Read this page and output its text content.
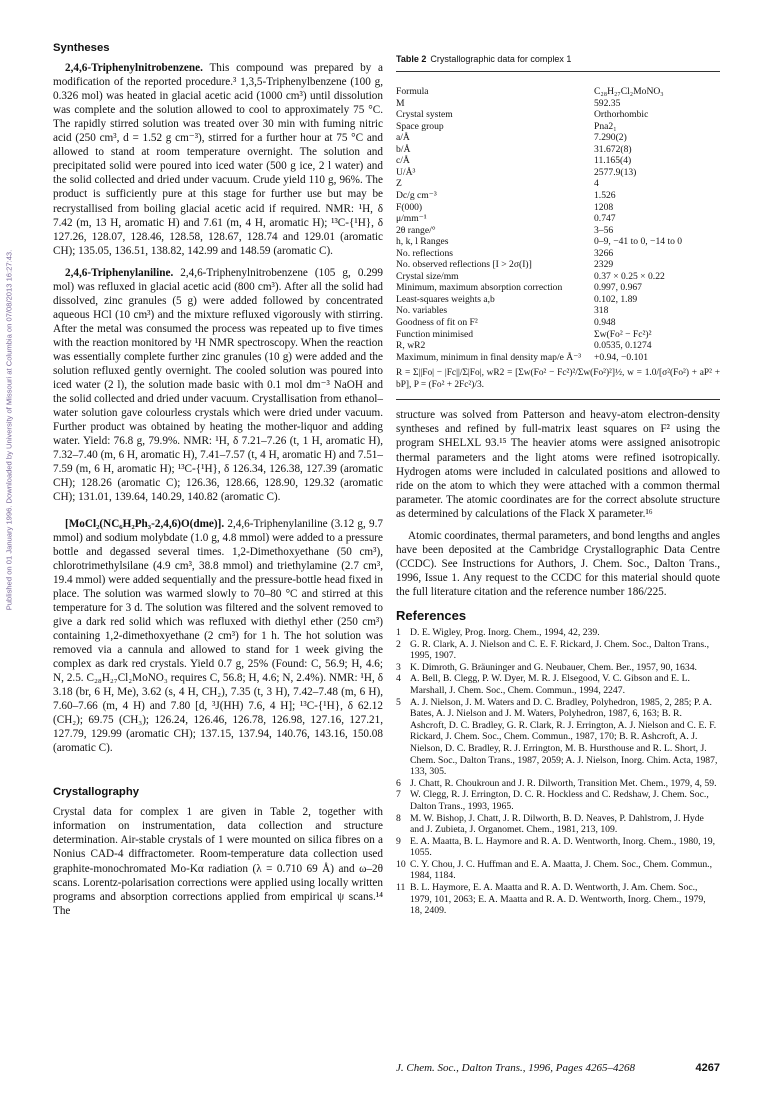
Published on 01 January 1996. Downloaded by University of Missouri at Columbia on 07/08/2013 16:27:43.
Syntheses

2,4,6-Triphenylnitrobenzene. This compound was prepared by a modification of the reported procedure.³ 1,3,5-Triphenylbenzene (100 g, 0.326 mol) was heated in glacial acetic acid (1000 cm³) until dissolution was complete and the solution allowed to cool to approximately 75 °C. The rapidly stirred solution was treated over 30 min with fuming nitric acid (250 cm³, d = 1.52 g cm⁻³), stirred for a further hour at 75 °C and allowed to stand at room temperature overnight. The solution and precipitated solid were poured into iced water (500 g ice, 2 l water) and the solid collected and dried under vacuum. Crude yield 110 g, 96%. The product is sufficiently pure at this stage for further use but may be recrystallised from boiling glacial acetic acid if required. NMR: ¹H, δ 7.42 (m, 13 H, aromatic H) and 7.61 (m, 4 H, aromatic H); ¹³C-{¹H}, δ 127.26, 128.07, 128.46, 128.58, 128.67, 128.74 and 129.01 (aromatic CH); 135.05, 136.51, 138.82, 142.99 and 148.59 (aromatic C).

2,4,6-Triphenylaniline. 2,4,6-Triphenylnitrobenzene (105 g, 0.299 mol) was refluxed in glacial acetic acid (800 cm³). After all the solid had dissolved, zinc granules (5 g) were added followed by concentrated aqueous HCl (10 cm³) and the mixture refluxed vigorously with stirring. After the metal was consumed the process was repeated up to five times with the reaction monitored by ¹H NMR spectroscopy. When the reaction was essentially complete further zinc granules (10 g) were added and the solution refluxed gently overnight. The cooled solution was poured into iced water (2 l), the solution made basic with 0.1 mol dm⁻³ NaOH and the solid collected and dried under vacuum. Crystallisation from ethanol–water solution gave colourless crystals which were dried under vacuum. Further product was obtained by heating the mother-liquor and adding water. Yield: 76.8 g, 79.9%. NMR: ¹H, δ 7.21–7.26 (t, 1 H, aromatic H), 7.32–7.40 (m, 6 H, aromatic H), 7.41–7.57 (t, 4 H, aromatic H) and 7.51–7.59 (m, 6 H, aromatic H); ¹³C-{¹H}, δ 126.34, 126.38, 127.39 (aromatic CH); 128.26 (aromatic C); 126.36, 128.66, 128.90, 129.32 (aromatic CH); 131.01, 139.64, 140.29, 140.82 (aromatic C).

[MoCl₂(NC₆H₂Ph₃-2,4,6)O(dme)]. 2,4,6-Triphenylaniline (3.12 g, 9.7 mmol) and sodium molybdate (1.0 g, 4.8 mmol) were added to a pressure bottle and degassed several times. 1,2-Dimethoxyethane (50 cm³), chlorotrimethylsilane (4.9 cm³, 38.8 mmol) and triethylamine (2.7 cm³, 19.4 mmol) were added sequentially and the pressure-bottle head fixed in place. The solution was warmed slowly to 70–80 °C and stirred at this temperature for 3 d. The solution was filtered and the solvent removed to give a dark red solid which was refluxed with diethyl ether (250 cm³) containing 1,2-dimethoxyethane (2 cm³) for 1 h. The hot solution was removed via a cannula and allowed to stand for 1 week giving the complex as dark red crystals. Yield 0.7 g, 25% (Found: C, 56.9; H, 4.6; N, 2.5. C₂₈H₂₇Cl₂MoNO₃ requires C, 56.8; H, 4.6; N, 2.4%). NMR: ¹H, δ 3.18 (br, 6 H, Me), 3.62 (s, 4 H, CH₂), 7.35 (t, 3 H), 7.42–7.48 (m, 6 H), 7.60–7.66 (m, 4 H) and 7.80 [d, ³J(HH) 7.6, 4 H]; ¹³C-{¹H}, δ 62.12 (CH₂); 69.75 (CH₃); 126.24, 126.46, 126.78, 126.98, 127.16, 127.21, 127.79, 129.99 (aromatic CH); 137.15, 137.94, 140.76, 143.16, 150.08 (aromatic C).

Crystallography

Crystal data for complex 1 are given in Table 2, together with information on instrumentation, data collection and structure determination. Air-stable crystals of 1 were mounted on silica fibres on a Nonius CAD-4 diffractometer. Room-temperature data collection used graphite-monochromated Mo-Kα radiation (λ = 0.710 69 Å) and ω–2θ scans. Lorentz-polarisation corrections were applied using locally written programs and absorption corrections applied from empirical ψ scans.¹⁴ The

Table 2 Crystallographic data for complex 1
Formula	C₂₈H₂₇Cl₂MoNO₃
M	592.35
Crystal system	Orthorhombic
Space group	Pna2₁
a/Å	7.290(2)
b/Å	31.672(8)
c/Å	11.165(4)
U/Å³	2577.9(13)
Z	4
Dc/g cm⁻³	1.526
F(000)	1208
μ/mm⁻¹	0.747
2θ range/°	3–56
h, k, l Ranges	0–9, −41 to 0, −14 to 0
No. reflections	3266
No. observed reflections [I > 2σ(I)]	2329
Crystal size/mm	0.37 × 0.25 × 0.22
Minimum, maximum absorption correction	0.997, 0.967
Least-squares weights a,b	0.102, 1.89
No. variables	318
Goodness of fit on F²	0.948
Function minimised	Σw(Fo² − Fc²)²
R, wR2	0.0535, 0.1274
Maximum, minimum in final density map/e Å⁻³	+0.94, −0.101
R = Σ||Fo| − |Fc||/Σ|Fo|, wR2 = [Σw(Fo² − Fc²)²/Σw(Fo²)²]½, w = 1.0/[σ²(Fo²) + aP² + bP], P = (Fo² + 2Fc²)/3.

structure was solved from Patterson and heavy-atom electron-density syntheses and refined by full-matrix least squares on F² using the program SHELXL 93.¹⁵ The heavier atoms were assigned anisotropic thermal parameters and the light atoms were refined isotropically. Hydrogen atoms were included in calculated positions and allowed to ride on the atom to which they were attached with a common thermal parameter. The atomic coordinates are for the correct absolute structure as determined by calculations of the Flack X parameter.¹⁶

Atomic coordinates, thermal parameters, and bond lengths and angles have been deposited at the Cambridge Crystallographic Data Centre (CCDC). See Instructions for Authors, J. Chem. Soc., Dalton Trans., 1996, Issue 1. Any request to the CCDC for this material should quote the full literature citation and the reference number 186/225.

References
1 D. E. Wigley, Prog. Inorg. Chem., 1994, 42, 239.
2 G. R. Clark, A. J. Nielson and C. E. F. Rickard, J. Chem. Soc., Dalton Trans., 1995, 1907.
3 K. Dimroth, G. Bräuninger and G. Neubauer, Chem. Ber., 1957, 90, 1634.
4 A. Bell, B. Clegg, P. W. Dyer, M. R. J. Elsegood, V. C. Gibson and E. L. Marshall, J. Chem. Soc., Chem. Commun., 1994, 2247.
5 A. J. Nielson, J. M. Waters and D. C. Bradley, Polyhedron, 1985, 2, 285; P. A. Bates, A. J. Nielson and J. M. Waters, Polyhedron, 1987, 6, 163; B. R. Ashcroft, D. C. Bradley, G. R. Clark, R. J. Errington, A. J. Nielson and C. E. F. Rickard, J. Chem. Soc., Chem. Commun., 1987, 170; B. R. Ashcroft, A. J. Nielson, D. C. Bradley, R. J. Errington, M. B. Hursthouse and R. L. Short, J. Chem. Soc., Dalton Trans., 1987, 2059; A. J. Nielson, Inorg. Chim. Acta, 1987, 133, 305.
6 J. Chatt, R. Choukroun and J. R. Dilworth, Transition Met. Chem., 1979, 4, 59.
7 W. Clegg, R. J. Errington, D. C. R. Hockless and C. Redshaw, J. Chem. Soc., Dalton Trans., 1993, 1965.
8 M. W. Bishop, J. Chatt, J. R. Dilworth, B. D. Neaves, P. Dahlstrom, J. Hyde and J. Zubieta, J. Organomet. Chem., 1981, 213, 109.
9 E. A. Maatta, B. L. Haymore and R. A. D. Wentworth, Inorg. Chem., 1980, 19, 1055.
10 C. Y. Chou, J. C. Huffman and E. A. Maatta, J. Chem. Soc., Chem. Commun., 1984, 1184.
11 B. L. Haymore, E. A. Maatta and R. A. D. Wentworth, J. Am. Chem. Soc., 1979, 101, 2063; E. A. Maatta and R. A. D. Wentworth, Inorg. Chem., 1979, 18, 2409.
J. Chem. Soc., Dalton Trans., 1996, Pages 4265–4268	4267
